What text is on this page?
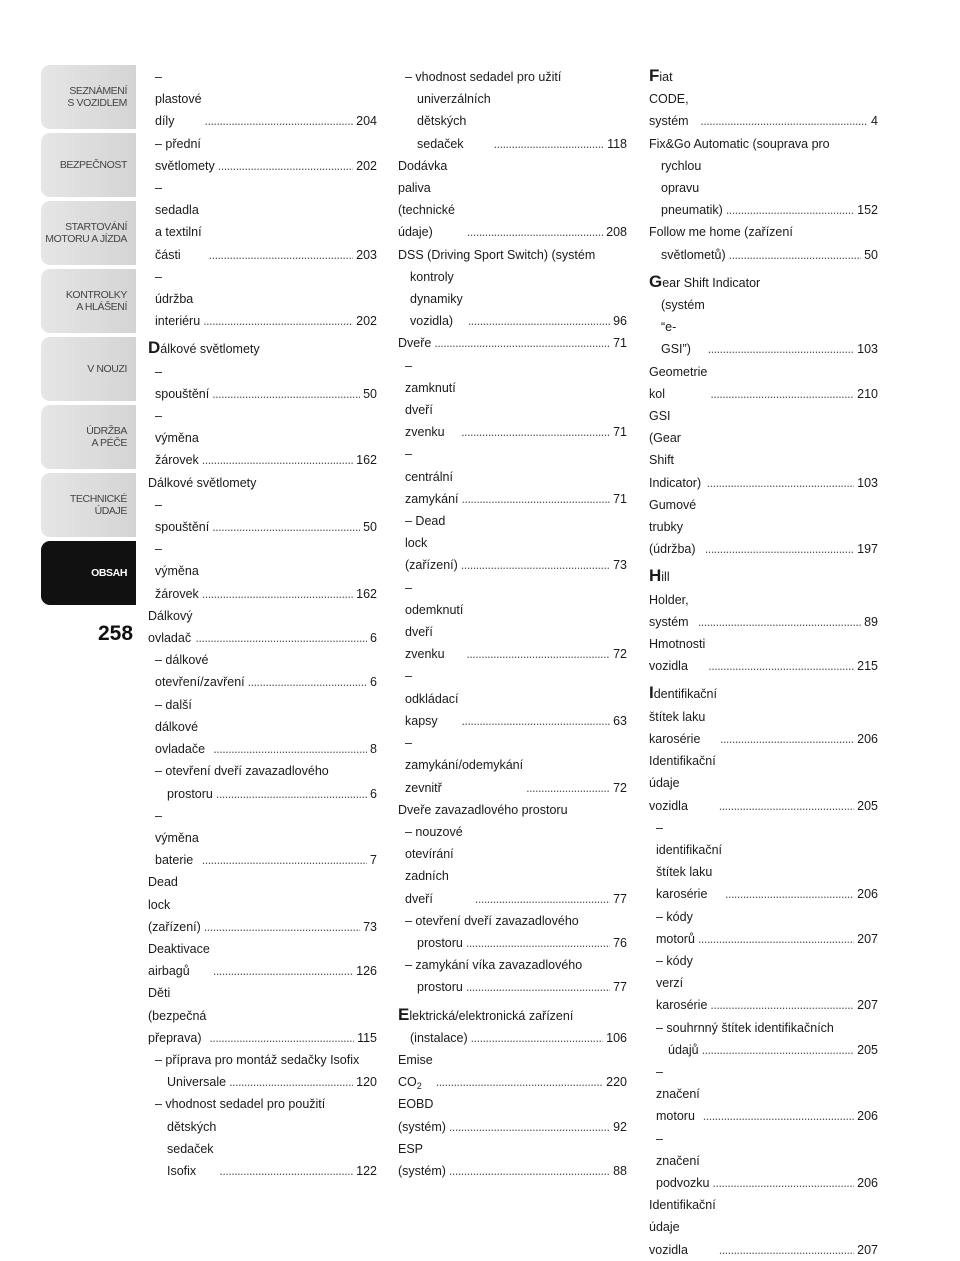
SEZNÁMENÍ
S VOZIDLEM
BEZPEČNOST
STARTOVÁNÍ
MOTORU A JÍZDA
KONTROLKY
A HLÁŠENÍ
V NOUZI
ÚDRŽBA
A PÉČE
TECHNICKÉ
ÚDAJE
OBSAH
258
– plastové díly .....	204
– přední světlomety .....	202
– sedadla a textilní části .....	203
– údržba interiéru .....	202
Dálkové světlomety
– spouštění .....	50
– výměna žárovek .....	162
Dálkové světlomety
– spouštění .....	50
– výměna žárovek .....	162
Dálkový ovladač .....	6
– dálkové otevření/zavření .....	6
– další dálkové ovladače .....	8
– otevření dveří zavazadlového
prostoru .....	6
– výměna baterie .....	7
Dead lock (zařízení) .....	73
Deaktivace airbagů .....	126
Děti (bezpečná přeprava) .....	115
– příprava pro montáž sedačky Isofix
Universale .....	120
– vhodnost sedadel pro použití
dětských sedaček Isofix .....	122
– vhodnost sedadel pro užití
univerzálních dětských sedaček .....	118
Dodávka paliva (technické údaje) .....	208
DSS (Driving Sport Switch) (systém
kontroly dynamiky vozidla) .....	96
Dveře .....	71
– zamknutí dveří zvenku .....	71
– centrální zamykání .....	71
– Dead lock (zařízení) .....	73
– odemknutí dveří zvenku .....	72
– odkládací kapsy .....	63
– zamykání/odemykání zevnitř .....	72
Dveře zavazadlového prostoru
– nouzové otevírání zadních dveří .....	77
– otevření dveří zavazadlového
prostoru .....	76
– zamykání víka zavazadlového
prostoru .....	77
Elektrická/elektronická zařízení
(instalace) .....	106
Emise $CO_2$ .....	220
EOBD (systém) .....	92
ESP (systém) .....	88
Fiat CODE, systém .....	4
Fix&Go Automatic (souprava pro
rychlou opravu pneumatik) .....	152
Follow me home (zařízení
světlometů) .....	50
Gear Shift Indicator
(systém “e-GSI”) .....	103
Geometrie kol .....	210
GSI (Gear Shift Indicator) .....	103
Gumové trubky (údržba) .....	197
Hill Holder, systém .....	89
Hmotnosti vozidla .....	215
Identifikační štítek laku karosérie .....	206
Identifikační údaje vozidla .....	205
– identifikační štítek laku karosérie .....	206
– kódy motorů .....	207
– kódy verzí karosérie .....	207
– souhrnný štítek identifikačních
údajů .....	205
– značení motoru .....	206
– značení podvozku .....	206
Identifikační údaje vozidla .....	207
